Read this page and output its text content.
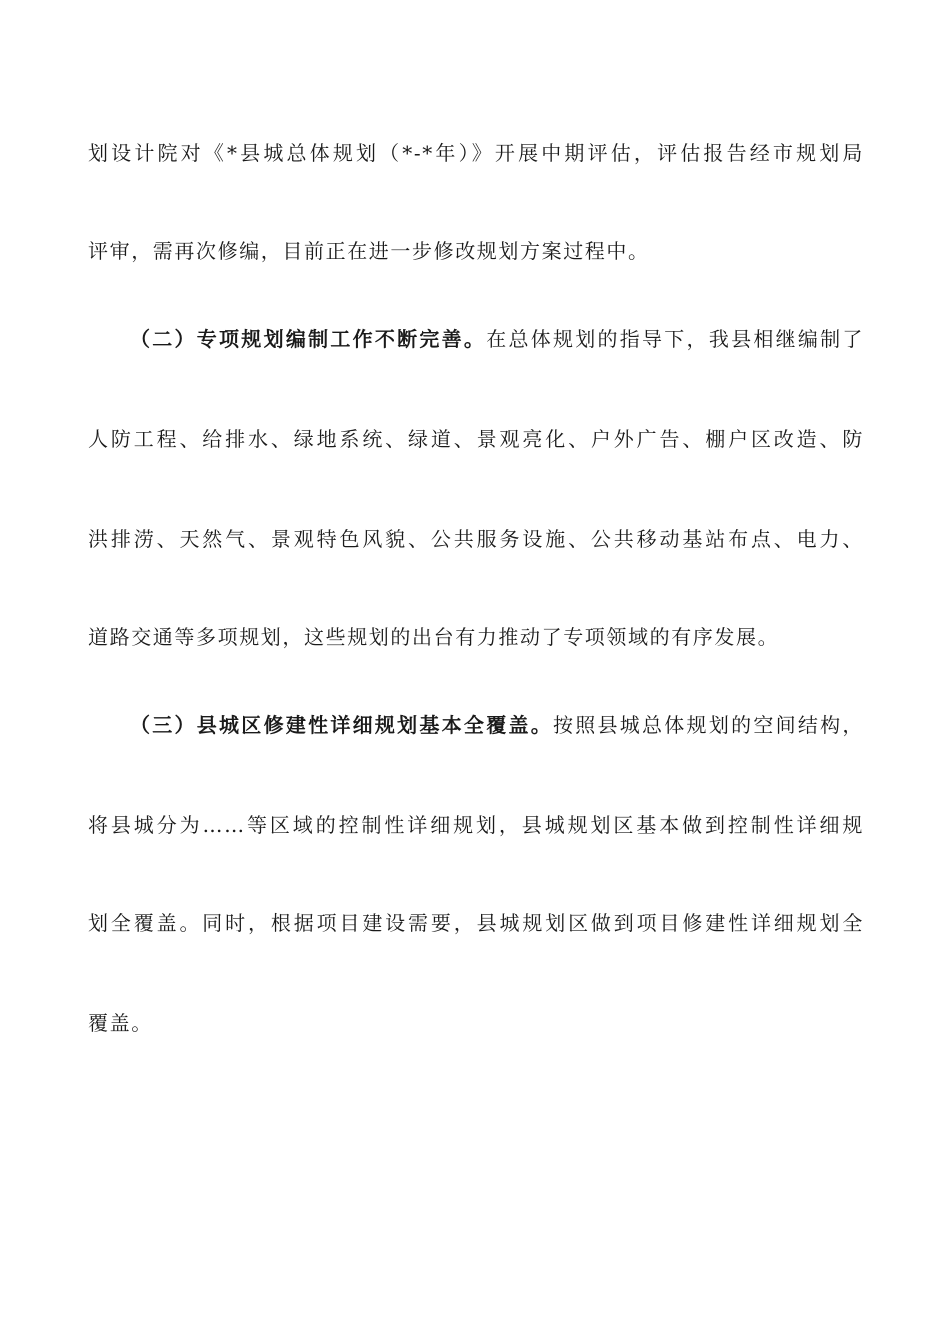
划设计院对《*县城总体规划（*-*年）》开展中期评估，评估报告经市规划局
评审，需再次修编，目前正在进一步修改规划方案过程中。
（二）专项规划编制工作不断完善。在总体规划的指导下，我县相继编制了
人防工程、给排水、绿地系统、绿道、景观亮化、户外广告、棚户区改造、防
洪排涝、天然气、景观特色风貌、公共服务设施、公共移动基站布点、电力、
道路交通等多项规划，这些规划的出台有力推动了专项领域的有序发展。
（三）县城区修建性详细规划基本全覆盖。按照县城总体规划的空间结构，
将县城分为……等区域的控制性详细规划，县城规划区基本做到控制性详细规
划全覆盖。同时，根据项目建设需要，县城规划区做到项目修建性详细规划全
覆盖。
